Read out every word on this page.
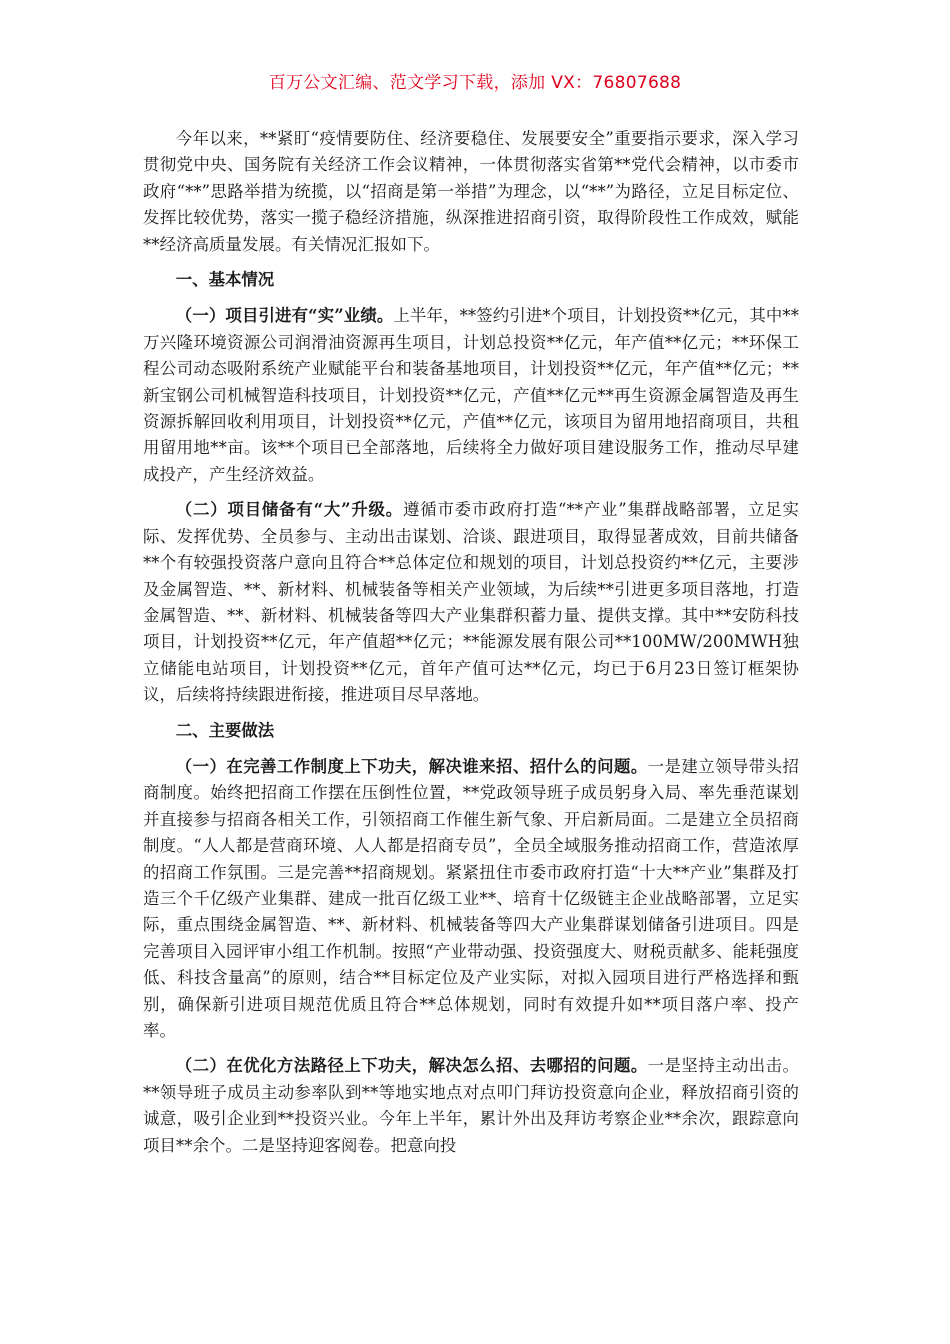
百万公文汇编、范文学习下载，添加 VX：76807688

今年以来，**紧盯“疫情要防住、经济要稳住、发展要安全”重要指示要求，深入学习贯彻党中央、国务院有关经济工作会议精神，一体贯彻落实省第**党代会精神，以市委市政府“**”思路举措为统揽，以“招商是第一举措”为理念，以“**”为路径，立足目标定位、发挥比较优势，落实一揽子稳经济措施，纵深推进招商引资，取得阶段性工作成效，赋能**经济高质量发展。有关情况汇报如下。

一、基本情况

（一）项目引进有“实”业绩。上半年，**签约引进*个项目，计划投资**亿元，其中**万兴隆环境资源公司润滑油资源再生项目，计划总投资**亿元，年产值**亿元；**环保工程公司动态吸附系统产业赋能平台和装备基地项目，计划投资**亿元，年产值**亿元；**新宝钢公司机械智造科技项目，计划投资**亿元，产值**亿元**再生资源金属智造及再生资源拆解回收利用项目，计划投资**亿元，产值**亿元，该项目为留用地招商项目，共租用留用地**亩。该**个项目已全部落地，后续将全力做好项目建设服务工作，推动尽早建成投产，产生经济效益。

（二）项目储备有“大”升级。遵循市委市政府打造“**产业”集群战略部署，立足实际、发挥优势、全员参与、主动出击谋划、洽谈、跟进项目，取得显著成效，目前共储备**个有较强投资落户意向且符合**总体定位和规划的项目，计划总投资约**亿元，主要涉及金属智造、**、新材料、机械装备等相关产业领域，为后续**引进更多项目落地，打造金属智造、**、新材料、机械装备等四大产业集群积蓄力量、提供支撑。其中**安防科技项目，计划投资**亿元，年产值超**亿元；**能源发展有限公司**100MW/200MWH独立储能电站项目，计划投资**亿元，首年产值可达**亿元，均已于6月23日签订框架协议，后续将持续跟进衔接，推进项目尽早落地。

二、主要做法

（一）在完善工作制度上下功夫，解决谁来招、招什么的问题。一是建立领导带头招商制度。始终把招商工作摆在压倒性位置，**党政领导班子成员躬身入局、率先垂范谋划并直接参与招商各相关工作，引领招商工作催生新气象、开启新局面。二是建立全员招商制度。“人人都是营商环境、人人都是招商专员”，全员全域服务推动招商工作，营造浓厚的招商工作氛围。三是完善**招商规划。紧紧扭住市委市政府打造“十大**产业”集群及打造三个千亿级产业集群、建成一批百亿级工业**、培育十亿级链主企业战略部署，立足实际，重点围绕金属智造、**、新材料、机械装备等四大产业集群谋划储备引进项目。四是完善项目入园评审小组工作机制。按照“产业带动强、投资强度大、财税贡献多、能耗强度低、科技含量高”的原则，结合**目标定位及产业实际，对拟入园项目进行严格选择和甄别，确保新引进项目规范优质且符合**总体规划，同时有效提升如**项目落户率、投产率。

（二）在优化方法路径上下功夫，解决怎么招、去哪招的问题。一是坚持主动出击。**领导班子成员主动参率队到**等地实地点对点叩门拜访投资意向企业，释放招商引资的诚意，吸引企业到**投资兴业。今年上半年，累计外出及拜访考察企业**余次，跟踪意向项目**余个。二是坚持迎客阅卷。把意向投
